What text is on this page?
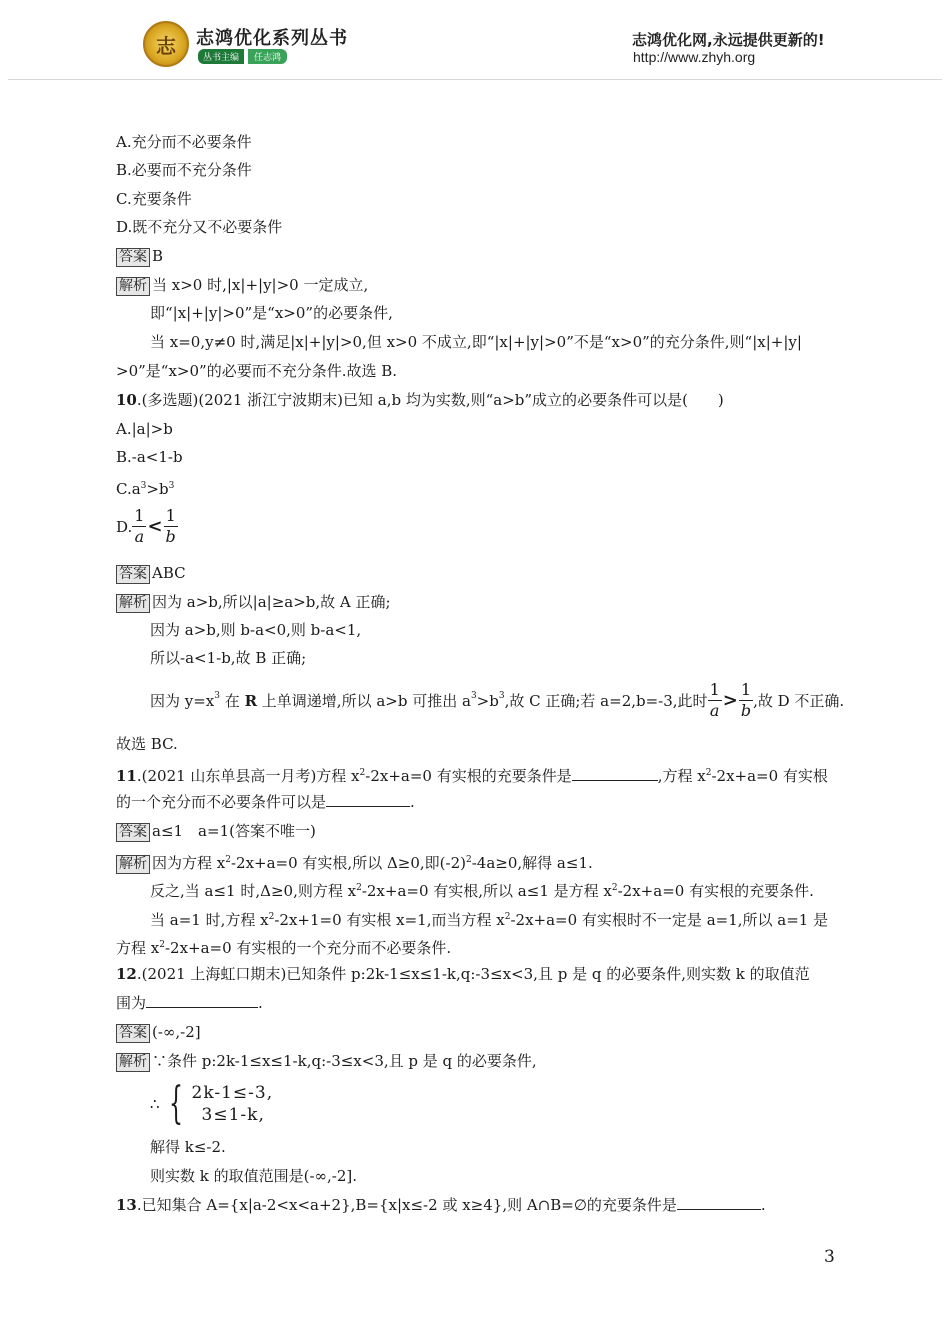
志	志鸿优化系列丛书
丛书主编	任志鸿
志鸿优化网,永远提供更新的!
http://www.zhyh.org
A.充分而不必要条件
B.必要而不充分条件
C.充要条件
D.既不充分又不必要条件
答案 B
解析 当 x>0 时,|x|+|y|>0 一定成立,
即“|x|+|y|>0”是“x>0”的必要条件,
当 x=0,y≠0 时,满足|x|+|y|>0,但 x>0 不成立,即“|x|+|y|>0”不是“x>0”的充分条件,则“|x|+|y|
>0”是“x>0”的必要而不充分条件.故选 B.
10.(多选题)(2021 浙江宁波期末)已知 a,b 均为实数,则“a>b”成立的必要条件可以是(　　)
A.|a|>b
B.-a<1-b
$C.a^3>b^3$
D. $\frac{1}{a} < \frac{1}{b}$
答案 ABC
解析 因为 a>b,所以|a|≥a>b,故 A 正确;
因为 a>b,则 b-a<0,则 b-a<1,
所以-a<1-b,故 B 正确;
因为 $y=x^3$ 在 R 上单调递增,所以 a>b 可推出 $a^3 >b^3$ ,故 C 正确;若 a=2,b=-3,此时 $\frac{1}{a} > \frac{1}{b}$ ,故 D 不正确.
故选 BC.
11.(2021 山东单县高一月考)方程 $x^2-2x+a=0$ 有实根的充要条件是	,方程 $x^2-2x+a=0$ 有实根
的一个充分而不必要条件可以是	.
答案 a≤1　a=1(答案不唯一)
解析 因为方程 $x^2-2x+a=0$ 有实根,所以 Δ≥0,即$(-2)^2-4a\ge 0$,解得 a≤1.
反之,当 a≤1 时,Δ≥0,则方程 $x^2-2x+a=0$ 有实根,所以 a≤1 是方程 $x^2-2x+a=0$ 有实根的充要条件.
当 a=1 时,方程 $x^2-2x+1=0$ 有实根 x=1,而当方程 $x^2-2x+a=0$ 有实根时不一定是 a=1,所以 a=1 是
方程 $x^2-2x+a=0$ 有实根的一个充分而不必要条件.
12.(2021 上海虹口期末)已知条件 p:2k-1≤x≤1-k,q:-3≤x<3,且 p 是 q 的必要条件,则实数 k 的取值范
围为	.
答案 (-∞,-2]
解析 ∵条件 p:2k-1≤x≤1-k,q:-3≤x<3,且 p 是 q 的必要条件,
∴ { 2k-1≤-3,
3≤1-k,
解得 k≤-2.
则实数 k 的取值范围是(-∞,-2].
13.已知集合 A={x|a-2<x<a+2},B={x|x≤-2 或 x≥4},则 A∩B=∅的充要条件是	.
3
